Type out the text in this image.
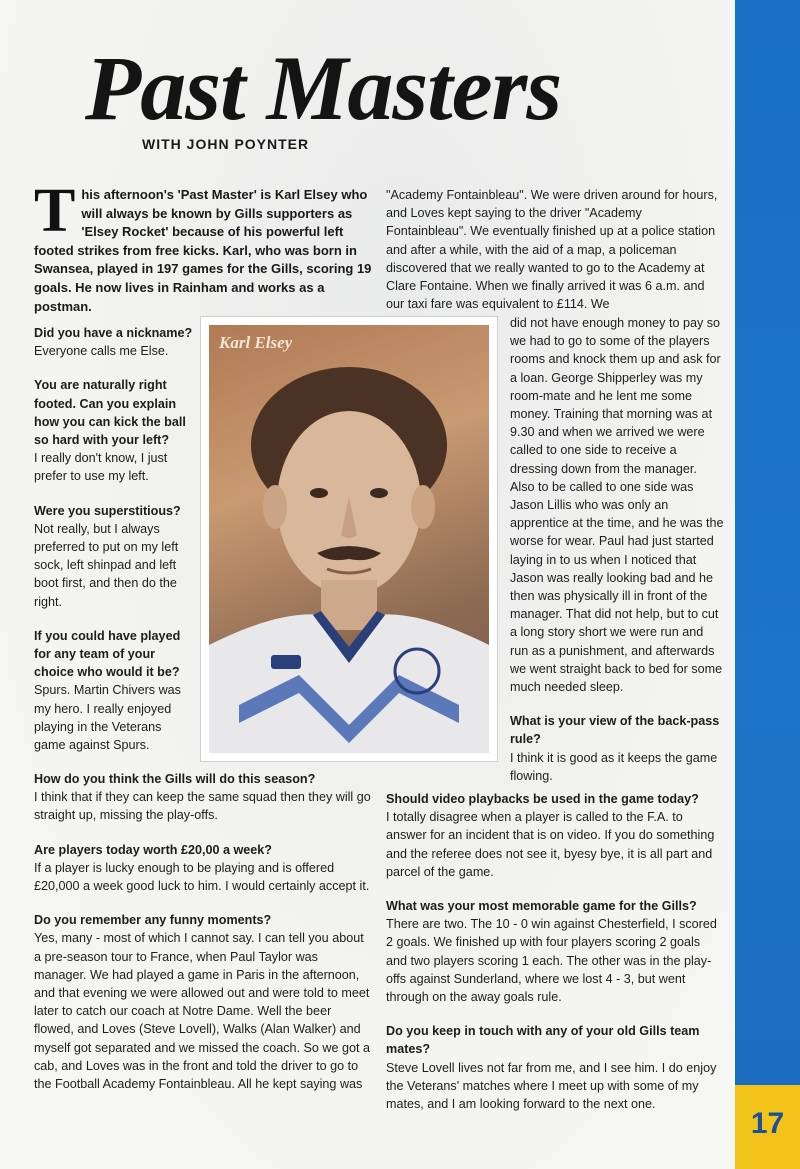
17
Past Masters
WITH JOHN POYNTER
This afternoon's 'Past Master' is Karl Elsey who will always be known by Gills supporters as 'Elsey Rocket' because of his powerful left footed strikes from free kicks. Karl, who was born in Swansea, played in 197 games for the Gills, scoring 19 goals. He now lives in Rainham and works as a postman.

Did you have a nickname?

Everyone calls me Else.

You are naturally right footed. Can you explain how you can kick the ball so hard with your left?

I really don't know, I just prefer to use my left.

Were you superstitious?

Not really, but I always preferred to put on my left sock, left shinpad and left boot first, and then do the right.

If you could have played for any team of your choice who would it be?

Spurs. Martin Chivers was my hero. I really enjoyed playing in the Veterans game against Spurs.

Karl Elsey

How do you think the Gills will do this season?

I think that if they can keep the same squad then they will go straight up, missing the play-offs.

Are players today worth £20,00 a week?

If a player is lucky enough to be playing and is offered £20,000 a week good luck to him. I would certainly accept it.

Do you remember any funny moments?

Yes, many - most of which I cannot say. I can tell you about a pre-season tour to France, when Paul Taylor was manager. We had played a game in Paris in the afternoon, and that evening we were allowed out and were told to meet later to catch our coach at Notre Dame. Well the beer flowed, and Loves (Steve Lovell), Walks (Alan Walker) and myself got separated and we missed the coach. So we got a cab, and Loves was in the front and told the driver to go to the Football Academy Fontainbleau. All he kept saying was

"Academy Fontainbleau". We were driven around for hours, and Loves kept saying to the driver "Academy Fontainbleau". We eventually finished up at a police station and after a while, with the aid of a map, a policeman discovered that we really wanted to go to the Academy at Clare Fontaine. When we finally arrived it was 6 a.m. and our taxi fare was equivalent to £114. We

did not have enough money to pay so we had to go to some of the players rooms and knock them up and ask for a loan. George Shipperley was my room-mate and he lent me some money. Training that morning was at 9.30 and when we arrived we were called to one side to receive a dressing down from the manager. Also to be called to one side was Jason Lillis who was only an apprentice at the time, and he was the worse for wear. Paul had just started laying in to us when I noticed that Jason was really looking bad and he then was physically ill in front of the manager. That did not help, but to cut a long story short we were run and run as a punishment, and afterwards we went straight back to bed for some much needed sleep.

What is your view of the back-pass rule?

I think it is good as it keeps the game flowing.

Should video playbacks be used in the game today?

I totally disagree when a player is called to the F.A. to answer for an incident that is on video. If you do something and the referee does not see it, byesy bye, it is all part and parcel of the game.

What was your most memorable game for the Gills?

There are two. The 10 - 0 win against Chesterfield, I scored 2 goals. We finished up with four players scoring 2 goals and two players scoring 1 each. The other was in the play-offs against Sunderland, where we lost 4 - 3, but went through on the away goals rule.

Do you keep in touch with any of your old Gills team mates?

Steve Lovell lives not far from me, and I see him. I do enjoy the Veterans' matches where I meet up with some of my mates, and I am looking forward to the next one.
